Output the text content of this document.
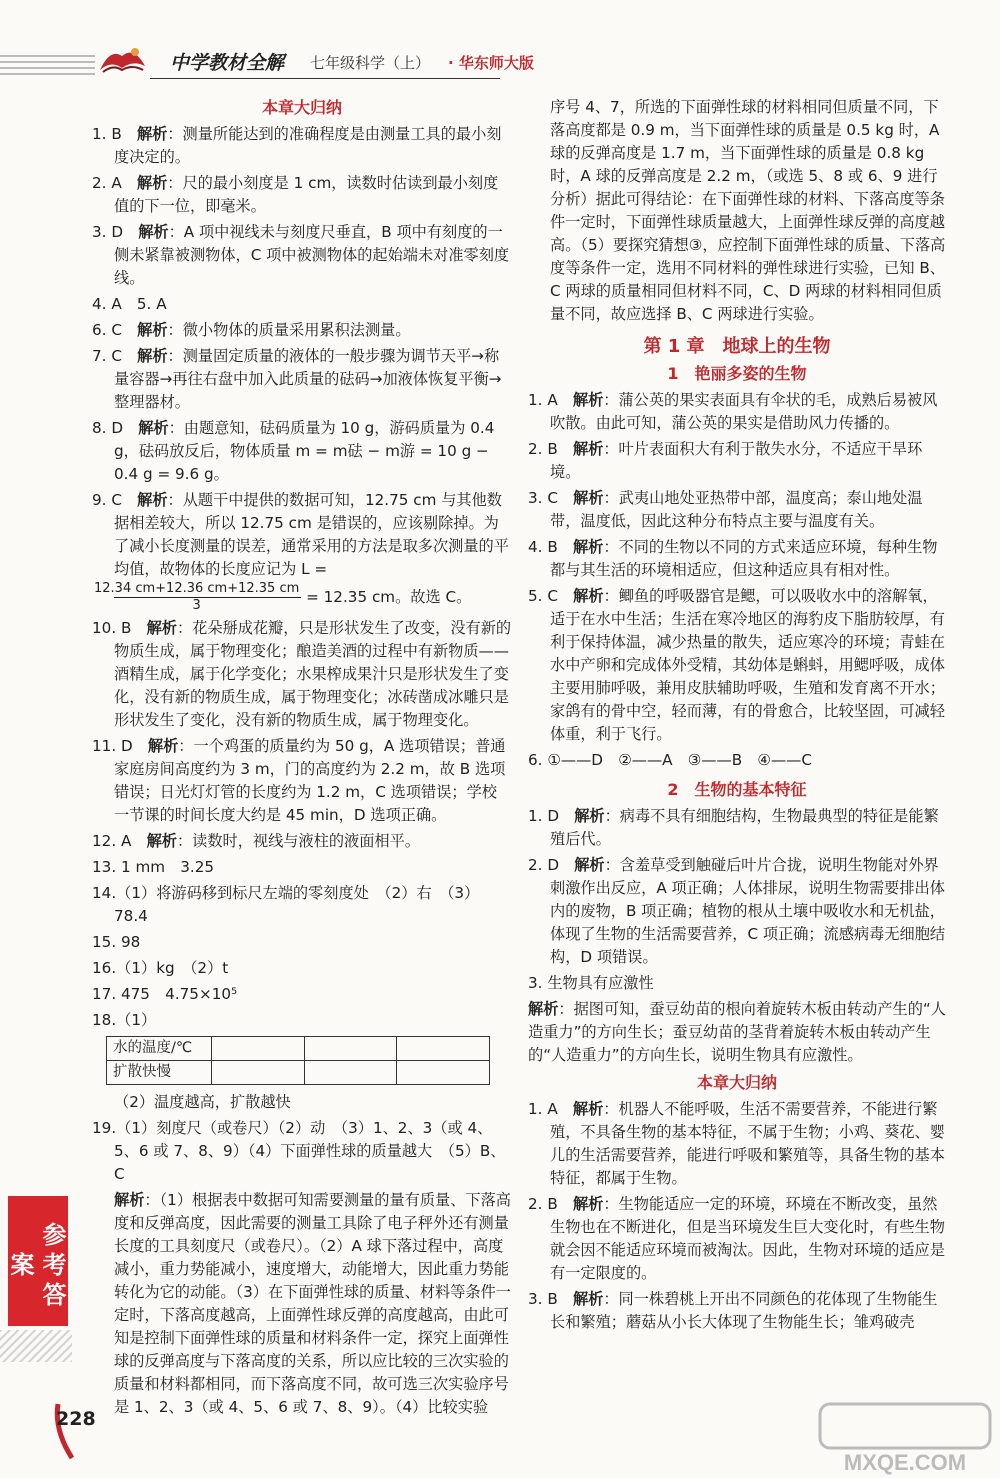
中学教材全解 七年级科学（上） · 华东师大版
本章大归纳
1. B　 解析：测量所能达到的准确程度是由测量工具的最小刻度决定的。
2. A　 解析：尺的最小刻度是 1 cm，读数时估读到最小刻度值的下一位，即毫米。
3. D　 解析：A 项中视线未与刻度尺垂直，B 项中有刻度的一侧未紧靠被测物体，C 项中被测物体的起始端未对准零刻度线。
4. A　5. A
6. C　 解析：微小物体的质量采用累积法测量。
7. C　 解析：测量固定质量的液体的一般步骤为调节天平→称量容器→再往右盘中加入此质量的砝码→加液体恢复平衡→整理器材。
8. D　 解析：由题意知，砝码质量为 10 g，游码质量为 0.4 g，砝码放反后，物体质量 m = m砝 − m游 = 10 g − 0.4 g = 9.6 g。
9. C　 解析：从题干中提供的数据可知，12.75 cm 与其他数据相差较大，所以 12.75 cm 是错误的，应该剔除掉。为了减小长度测量的误差，通常采用的方法是取多次测量的平均值，故物体的长度应记为 L =
$\frac{12.34 cm+12.36 cm+12.35 cm}{3} = 12.35$ cm。故选 C。
10. B　 解析：花朵掰成花瓣，只是形状发生了改变，没有新的物质生成，属于物理变化；酿造美酒的过程中有新物质——酒精生成，属于化学变化；水果榨成果汁只是形状发生了变化，没有新的物质生成，属于物理变化；冰砖凿成冰雕只是形状发生了变化，没有新的物质生成，属于物理变化。
11. D　 解析：一个鸡蛋的质量约为 50 g，A 选项错误；普通家庭房间高度约为 3 m，门的高度约为 2.2 m，故 B 选项错误；日光灯灯管的长度约为 1.2 m，C 选项错误；学校一节课的时间长度大约是 45 min，D 选项正确。
12. A　 解析：读数时，视线与液柱的液面相平。
13. 1 mm　3.25
14.（1）将游码移到标尺左端的零刻度处　（2）右　（3）78.4
15. 98
16.（1）kg　（2）t
17. 475　4.75×10⁵
18.（1）
水的温度/℃			
扩散快慢			
（2）温度越高，扩散越快
19.（1）刻度尺（或卷尺）（2）动　（3）1、2、3（或 4、5、6 或 7、8、9）（4）下面弹性球的质量越大　（5）B、C
解析：（1）根据表中数据可知需要测量的量有质量、下落高度和反弹高度，因此需要的测量工具除了电子秤外还有测量长度的工具刻度尺（或卷尺）。（2）A 球下落过程中，高度减小，重力势能减小，速度增大，动能增大，因此重力势能转化为它的动能。（3）在下面弹性球的质量、材料等条件一定时，下落高度越高，上面弹性球反弹的高度越高，由此可知是控制下面弹性球的质量和材料条件一定，探究上面弹性球的反弹高度与下落高度的关系，所以应比较的三次实验的质量和材料都相同，而下落高度不同，故可选三次实验序号是 1、2、3（或 4、5、6 或 7、8、9）。（4）比较实验
序号 4、7，所选的下面弹性球的材料相同但质量不同，下落高度都是 0.9 m，当下面弹性球的质量是 0.5 kg 时，A 球的反弹高度是 1.7 m，当下面弹性球的质量是 0.8 kg 时，A 球的反弹高度是 2.2 m，（或选 5、8 或 6、9 进行分析）据此可得结论：在下面弹性球的材料、下落高度等条件一定时，下面弹性球质量越大，上面弹性球反弹的高度越高。（5）要探究猜想③，应控制下面弹性球的质量、下落高度等条件一定，选用不同材料的弹性球进行实验，已知 B、C 两球的质量相同但材料不同，C、D 两球的材料相同但质量不同，故应选择 B、C 两球进行实验。
第 1 章　地球上的生物
1　艳丽多姿的生物
1. A　 解析：蒲公英的果实表面具有伞状的毛，成熟后易被风吹散。由此可知，蒲公英的果实是借助风力传播的。
2. B　 解析：叶片表面积大有利于散失水分，不适应干旱环境。
3. C　 解析：武夷山地处亚热带中部，温度高；泰山地处温带，温度低，因此这种分布特点主要与温度有关。
4. B　 解析：不同的生物以不同的方式来适应环境，每种生物都与其生活的环境相适应，但这种适应具有相对性。
5. C　 解析：鲫鱼的呼吸器官是鳃，可以吸收水中的溶解氧，适于在水中生活；生活在寒冷地区的海豹皮下脂肪较厚，有利于保持体温，减少热量的散失，适应寒冷的环境；青蛙在水中产卵和完成体外受精，其幼体是蝌蚪，用鳃呼吸，成体主要用肺呼吸，兼用皮肤辅助呼吸，生殖和发育离不开水；家鸽有的骨中空，轻而薄，有的骨愈合，比较坚固，可减轻体重，利于飞行。
6. ①——D　②——A　③——B　④——C
2　生物的基本特征
1. D　 解析：病毒不具有细胞结构，生物最典型的特征是能繁殖后代。
2. D　 解析：含羞草受到触碰后叶片合拢，说明生物能对外界刺激作出反应，A 项正确；人体排尿，说明生物需要排出体内的废物，B 项正确；植物的根从土壤中吸收水和无机盐，体现了生物的生活需要营养，C 项正确；流感病毒无细胞结构，D 项错误。
3. 生物具有应激性
解析：据图可知，蚕豆幼苗的根向着旋转木板由转动产生的“人造重力”的方向生长；蚕豆幼苗的茎背着旋转木板由转动产生的“人造重力”的方向生长，说明生物具有应激性。
本章大归纳
1. A　 解析：机器人不能呼吸，生活不需要营养，不能进行繁殖，不具备生物的基本特征，不属于生物；小鸡、葵花、婴儿的生活需要营养，能进行呼吸和繁殖等，具备生物的基本特征，都属于生物。
2. B　 解析：生物能适应一定的环境，环境在不断改变，虽然生物也在不断进化，但是当环境发生巨大变化时，有些生物就会因不能适应环境而被淘汰。因此，生物对环境的适应是有一定限度的。
3. B　 解析：同一株碧桃上开出不同颜色的花体现了生物能生长和繁殖；蘑菇从小长大体现了生物能生长；雏鸡破壳
参考答案
228
MXQE.COM
